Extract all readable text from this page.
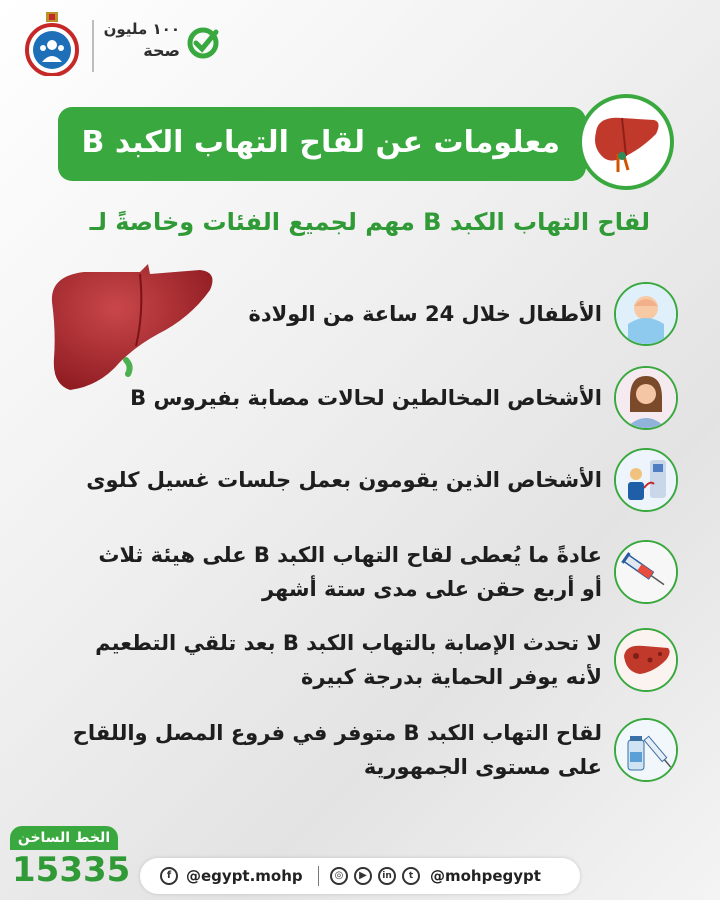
١٠٠ مليون
صحة
معلومات عن لقاح التهاب الكبد B
لقاح التهاب الكبد B مهم لجميع الفئات وخاصةً لـ
الأطفال خلال 24 ساعة من الولادة
الأشخاص المخالطين لحالات مصابة بفيروس B
الأشخاص الذين يقومون بعمل جلسات غسيل كلوى
عادةً ما يُعطى لقاح التهاب الكبد B على هيئة ثلاث
أو أربع حقن على مدى ستة أشهر
لا تحدث الإصابة بالتهاب الكبد B بعد تلقي التطعيم
لأنه يوفر الحماية بدرجة كبيرة
لقاح التهاب الكبد B متوفر في فروع المصل واللقاح
على مستوى الجمهورية
الخط الساخن
15335	f @egypt.mohp	◎	▶	in	t	@mohpegypt
